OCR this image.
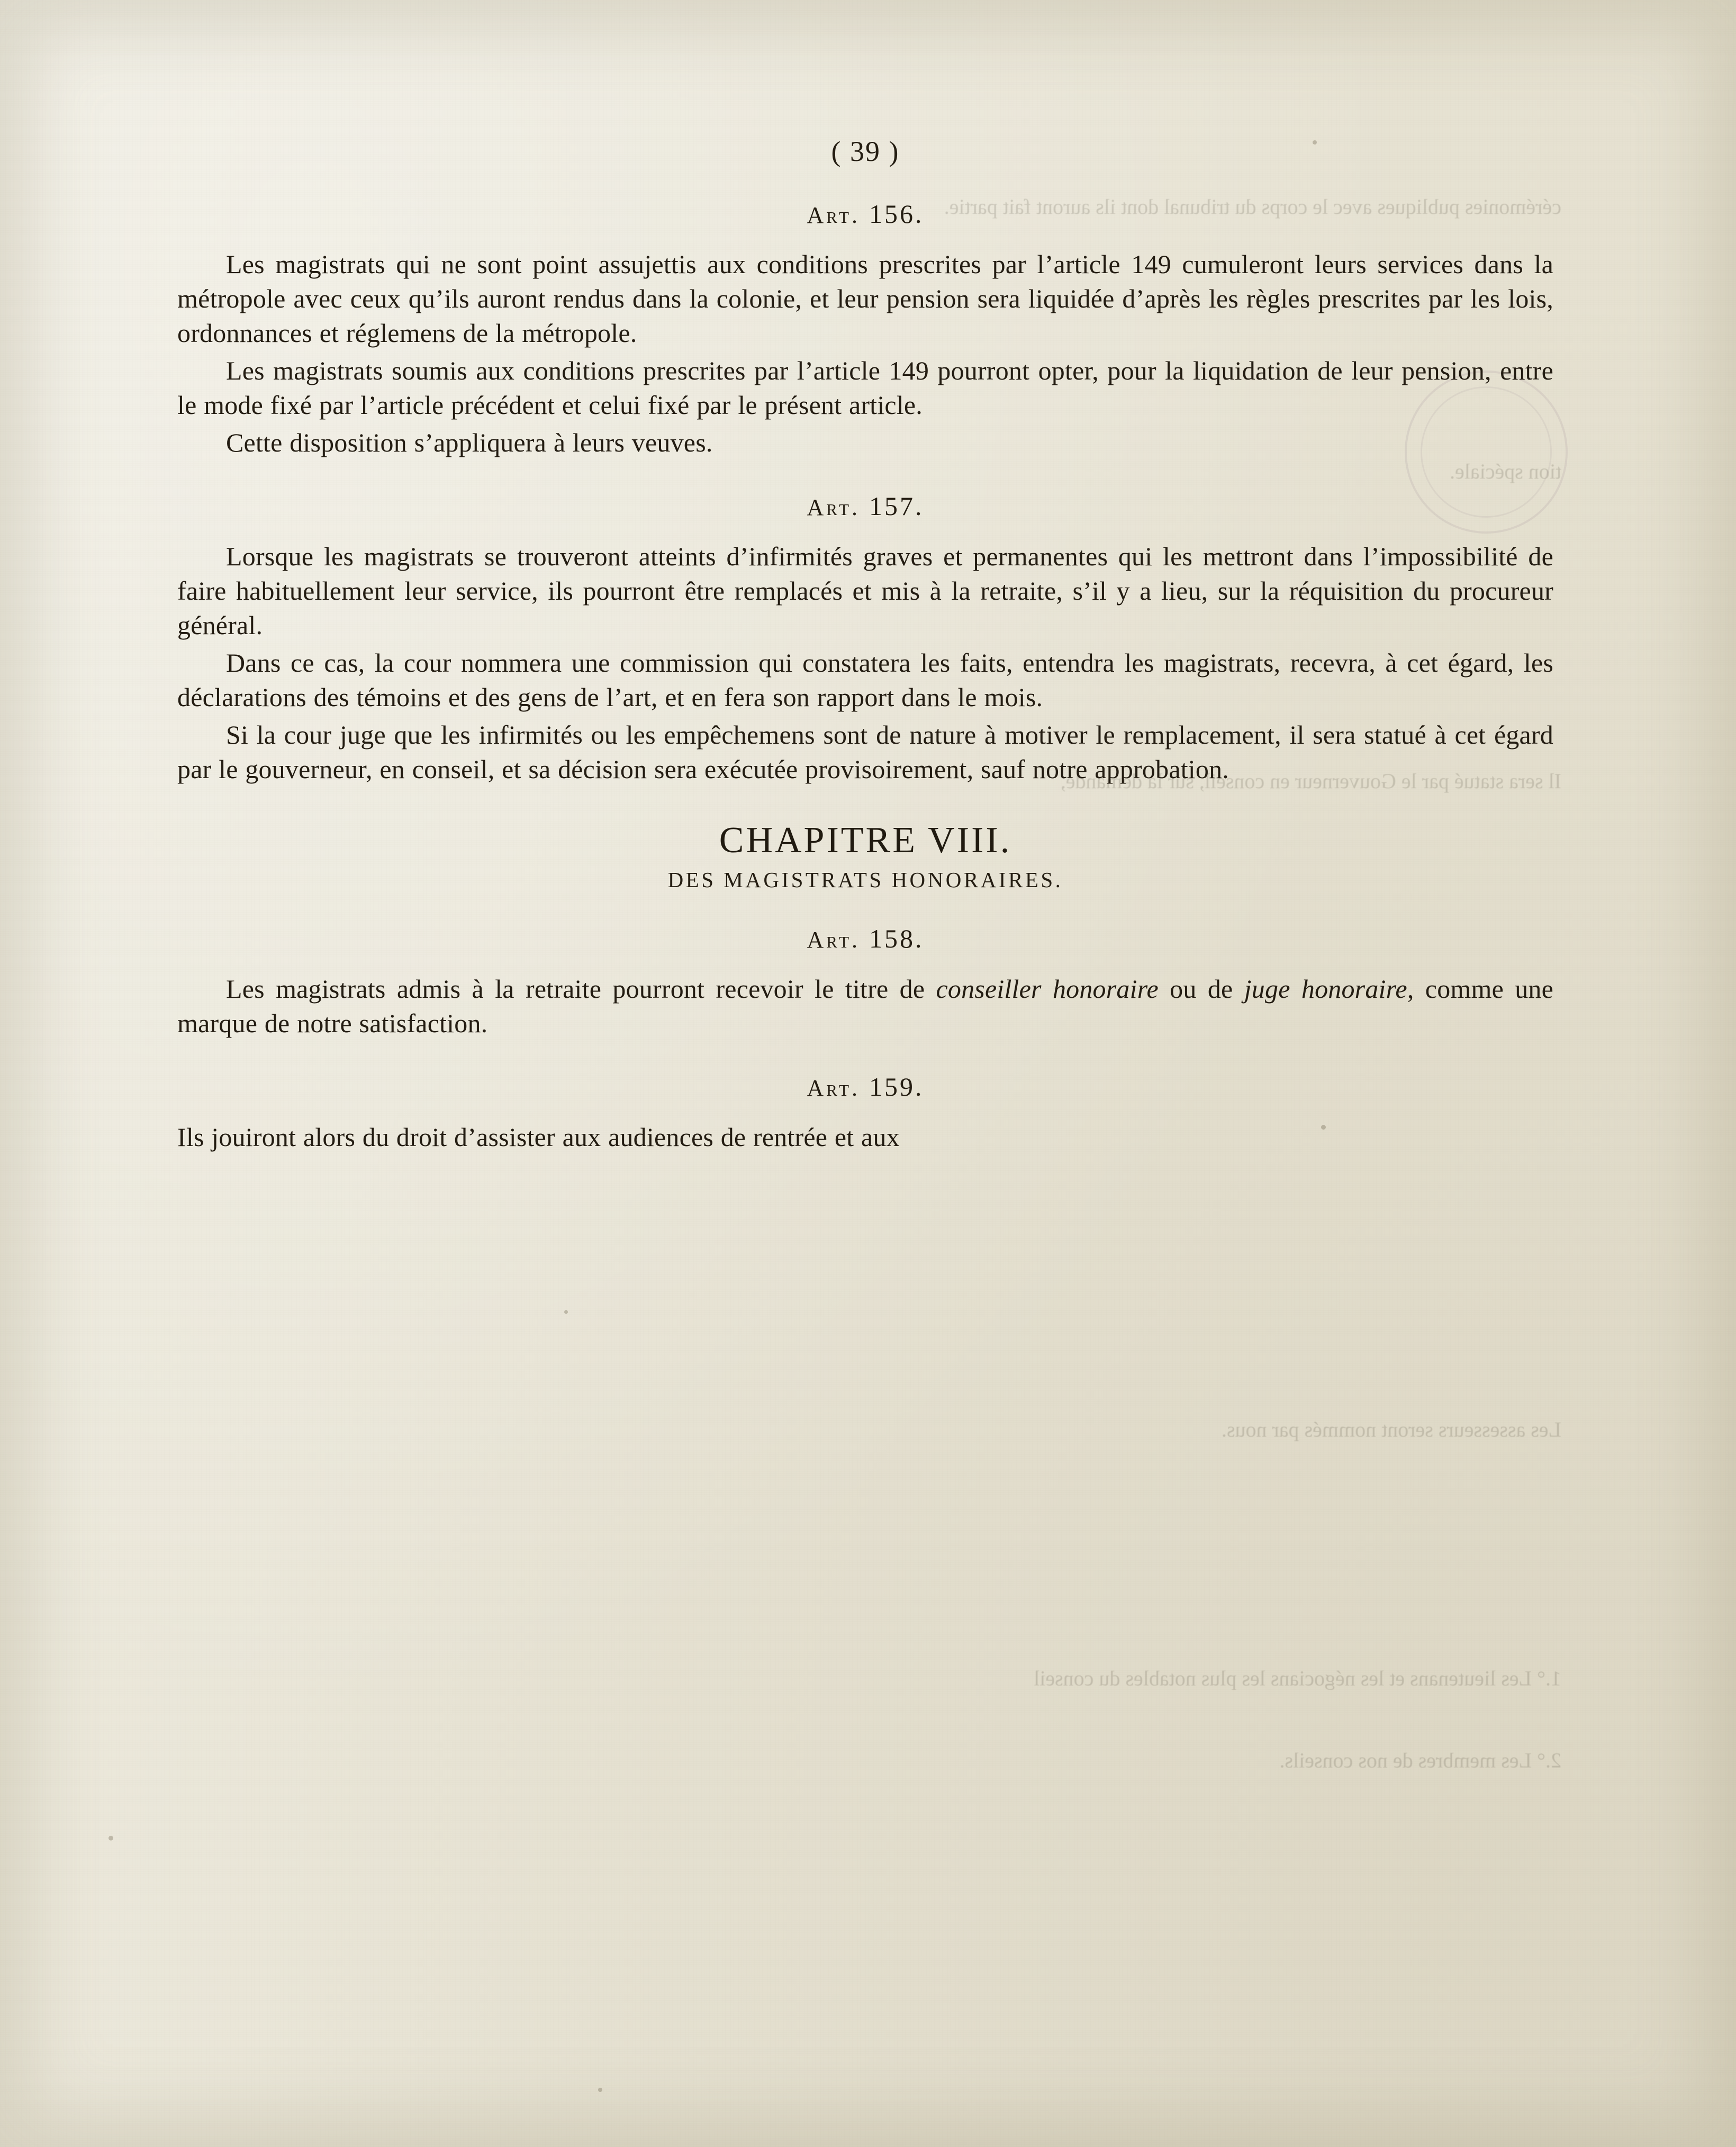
cérémonies publiques avec le corps du tribunal dont ils auront fait partie.
tion spéciale.
Il sera statué par le Gouverneur en conseil, sur la demande,
Les assesseurs seront nommés par nous.
1.° Les lieutenans et les négocians les plus notables du conseil
2.° Les membres de nos conseils.
( 39 )
Art. 156.

Les magistrats qui ne sont point assujettis aux conditions prescrites par l’article 149 cumuleront leurs services dans la métropole avec ceux qu’ils auront rendus dans la colonie, et leur pension sera liquidée d’après les règles prescrites par les lois, ordonnances et réglemens de la métropole.

Les magistrats soumis aux conditions prescrites par l’article 149 pourront opter, pour la liquidation de leur pension, entre le mode fixé par l’article précédent et celui fixé par le présent article.

Cette disposition s’appliquera à leurs veuves.

Art. 157.

Lorsque les magistrats se trouveront atteints d’infirmités graves et permanentes qui les mettront dans l’impossibilité de faire habituellement leur service, ils pourront être remplacés et mis à la retraite, s’il y a lieu, sur la réquisition du procureur général.

Dans ce cas, la cour nommera une commission qui constatera les faits, entendra les magistrats, recevra, à cet égard, les déclarations des témoins et des gens de l’art, et en fera son rapport dans le mois.

Si la cour juge que les infirmités ou les empêchemens sont de nature à motiver le remplacement, il sera statué à cet égard par le gouverneur, en conseil, et sa décision sera exécutée provisoirement, sauf notre approbation.

CHAPITRE VIII.
DES MAGISTRATS HONORAIRES.
Art. 158.

Les magistrats admis à la retraite pourront recevoir le titre de conseiller honoraire ou de juge honoraire, comme une marque de notre satisfaction.

Art. 159.

Ils jouiront alors du droit d’assister aux audiences de rentrée et aux
